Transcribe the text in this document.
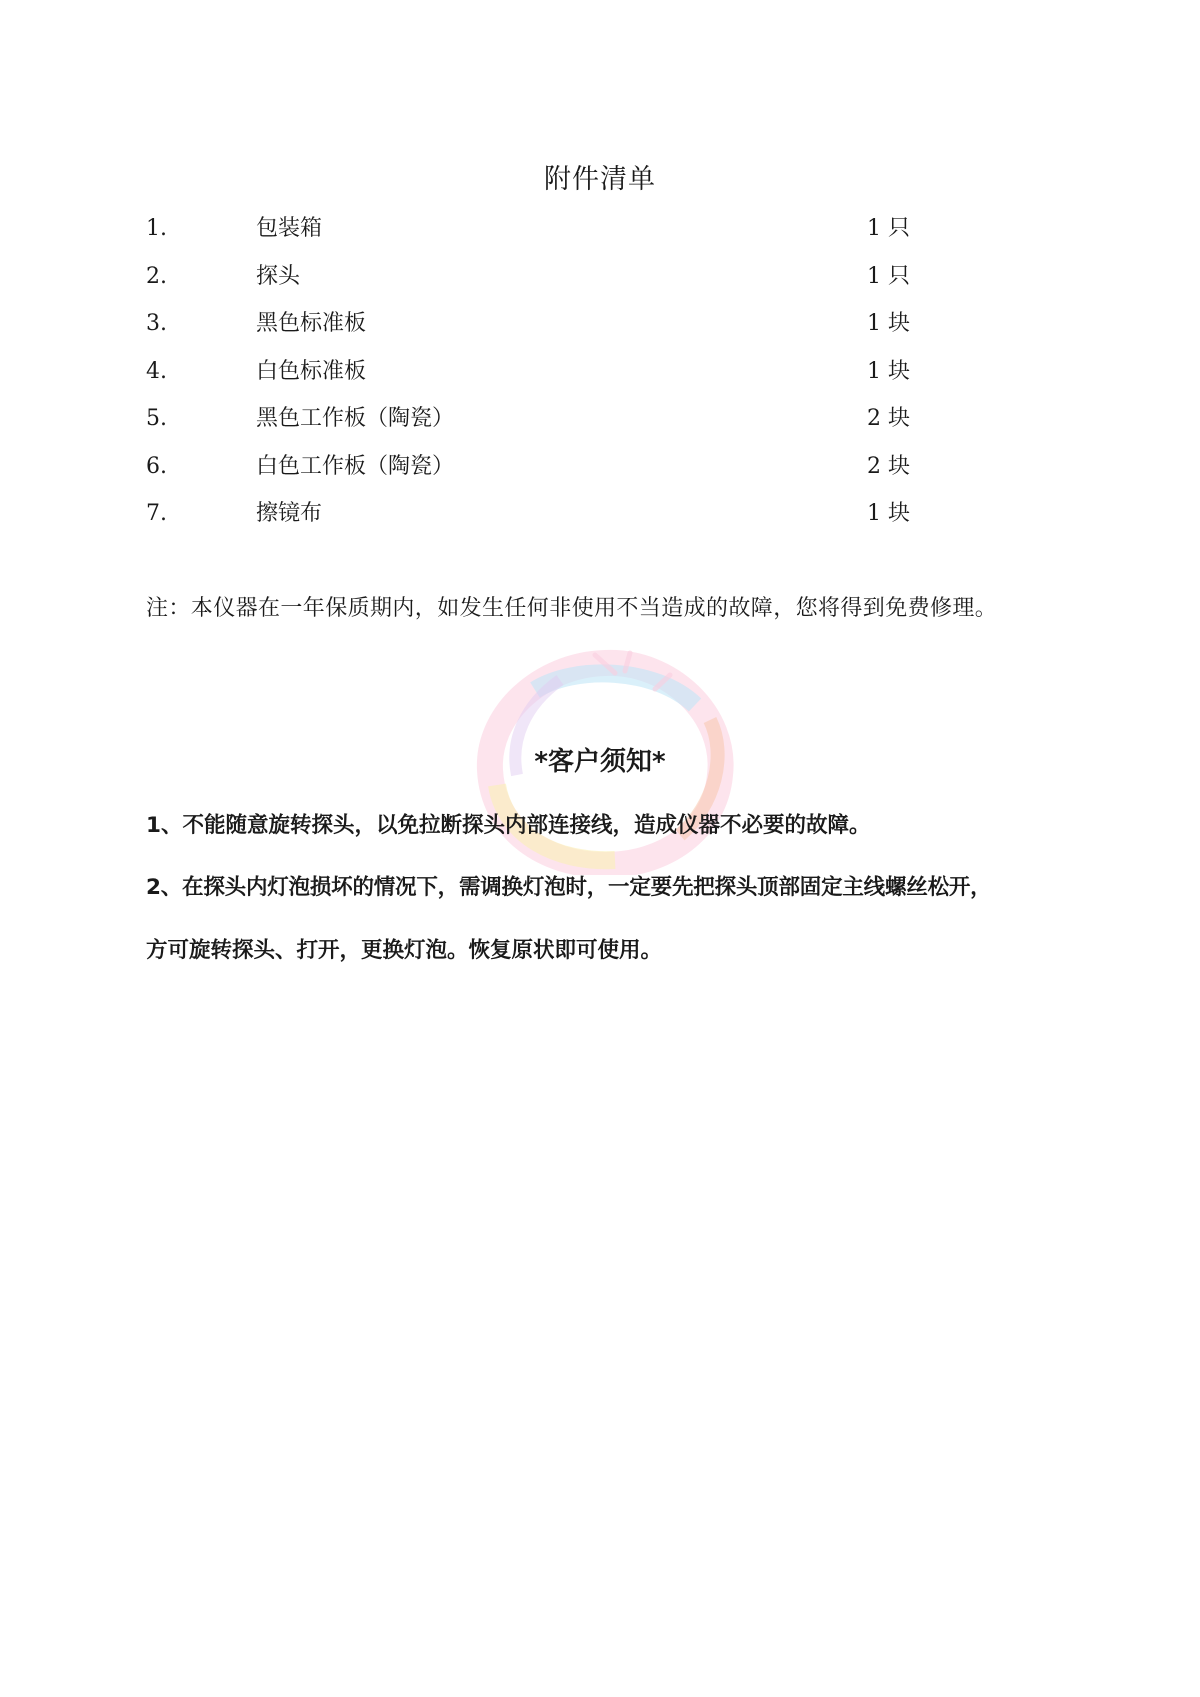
附件清单
1.	包装箱	1 只
2.	探头	1 只
3.	黑色标准板	1 块
4.	白色标准板	1 块
5.	黑色工作板（陶瓷）	2 块
6.	白色工作板（陶瓷）	2 块
7.	擦镜布	1 块
注：本仪器在一年保质期内，如发生任何非使用不当造成的故障，您将得到免费修理。
*客户须知*
1、不能随意旋转探头，以免拉断探头内部连接线，造成仪器不必要的故障。
2、在探头内灯泡损坏的情况下，需调换灯泡时，一定要先把探头顶部固定主线螺丝松开，
方可旋转探头、打开，更换灯泡。恢复原状即可使用。
